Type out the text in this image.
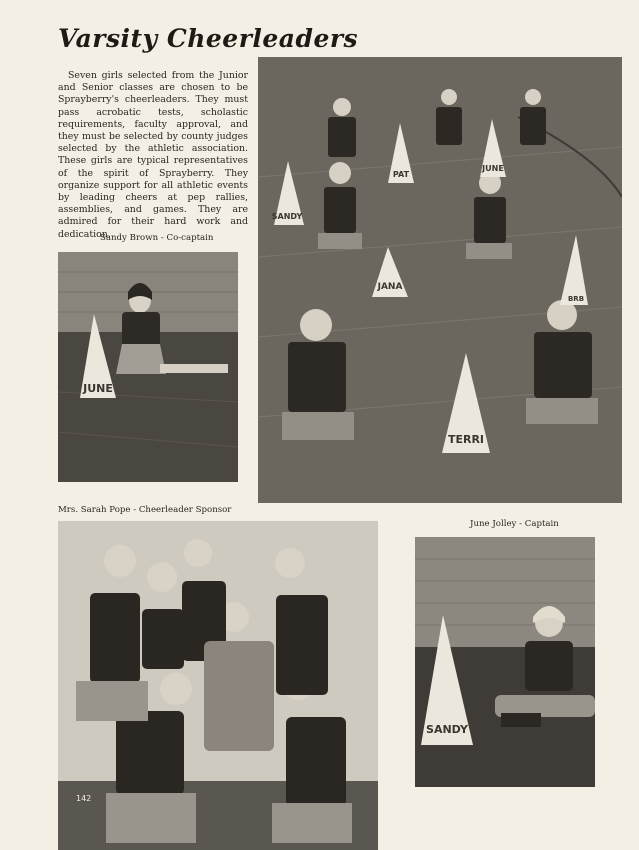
Varsity Cheerleaders

Seven girls selected from the Junior and Senior classes are chosen to be Sprayberry's cheerleaders. They must pass acrobatic tests, scholastic requirements, faculty approval, and they must be selected by county judges selected by the athletic association. These girls are typical representatives of the spirit of Sprayberry. They organize support for all athletic events by leading cheers at pep rallies, assemblies, and games. They are admired for their hard work and dedication.

Sandy Brown - Co-captain
JUNE
SANDY
PAT
JUNE
JANA
TERRI
BRB
Mrs. Sarah Pope - Cheerleader Sponsor
June Jolley - Captain
142
SANDY
